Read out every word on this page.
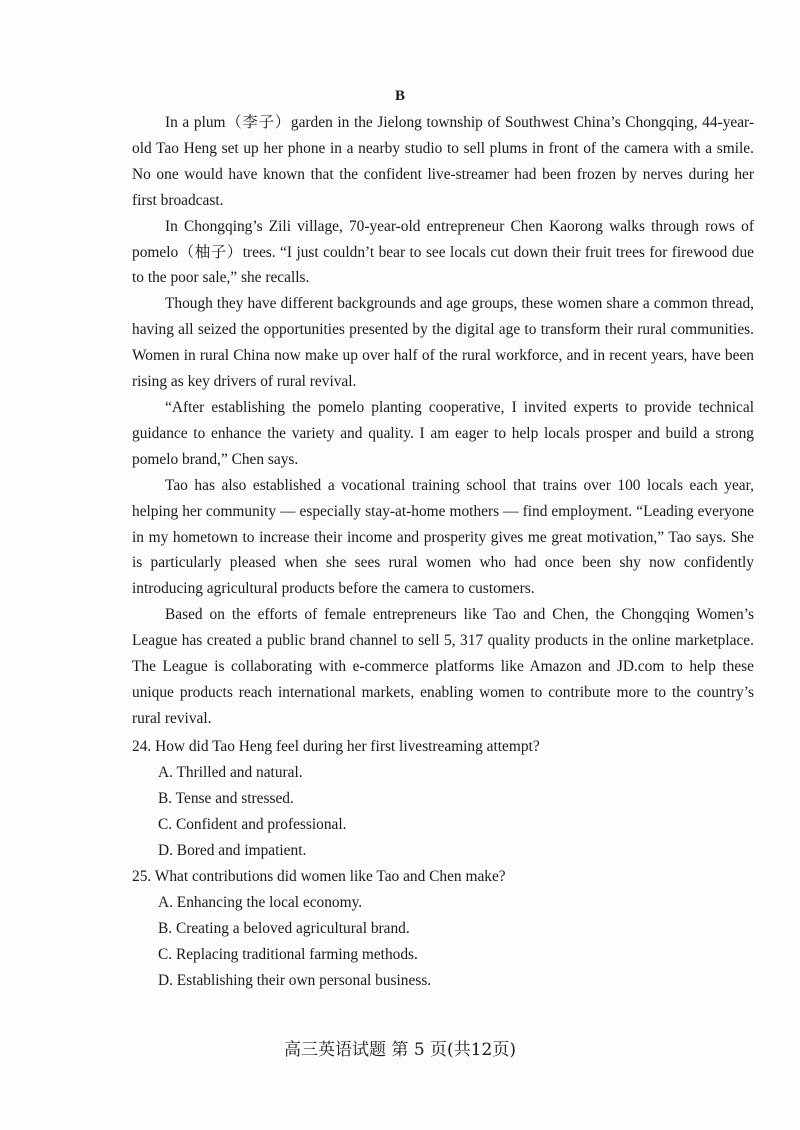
B

In a plum（李子）garden in the Jielong township of Southwest China’s Chongqing, 44-year-old Tao Heng set up her phone in a nearby studio to sell plums in front of the camera with a smile. No one would have known that the confident live-streamer had been frozen by nerves during her first broadcast.

In Chongqing’s Zili village, 70-year-old entrepreneur Chen Kaorong walks through rows of pomelo（柚子）trees. “I just couldn’t bear to see locals cut down their fruit trees for firewood due to the poor sale,” she recalls.

Though they have different backgrounds and age groups, these women share a common thread, having all seized the opportunities presented by the digital age to transform their rural communities. Women in rural China now make up over half of the rural workforce, and in recent years, have been rising as key drivers of rural revival.

“After establishing the pomelo planting cooperative, I invited experts to provide technical guidance to enhance the variety and quality. I am eager to help locals prosper and build a strong pomelo brand,” Chen says.

Tao has also established a vocational training school that trains over 100 locals each year, helping her community — especially stay-at-home mothers — find employment. “Leading everyone in my hometown to increase their income and prosperity gives me great motivation,” Tao says. She is particularly pleased when she sees rural women who had once been shy now confidently introducing agricultural products before the camera to customers.

Based on the efforts of female entrepreneurs like Tao and Chen, the Chongqing Women’s League has created a public brand channel to sell 5, 317 quality products in the online marketplace. The League is collaborating with e-commerce platforms like Amazon and JD.com to help these unique products reach international markets, enabling women to contribute more to the country’s rural revival.

24. How did Tao Heng feel during her first livestreaming attempt?
A. Thrilled and natural.
B. Tense and stressed.
C. Confident and professional.
D. Bored and impatient.
25. What contributions did women like Tao and Chen make?
A. Enhancing the local economy.
B. Creating a beloved agricultural brand.
C. Replacing traditional farming methods.
D. Establishing their own personal business.
高三英语试题 第 5 页(共12页)
